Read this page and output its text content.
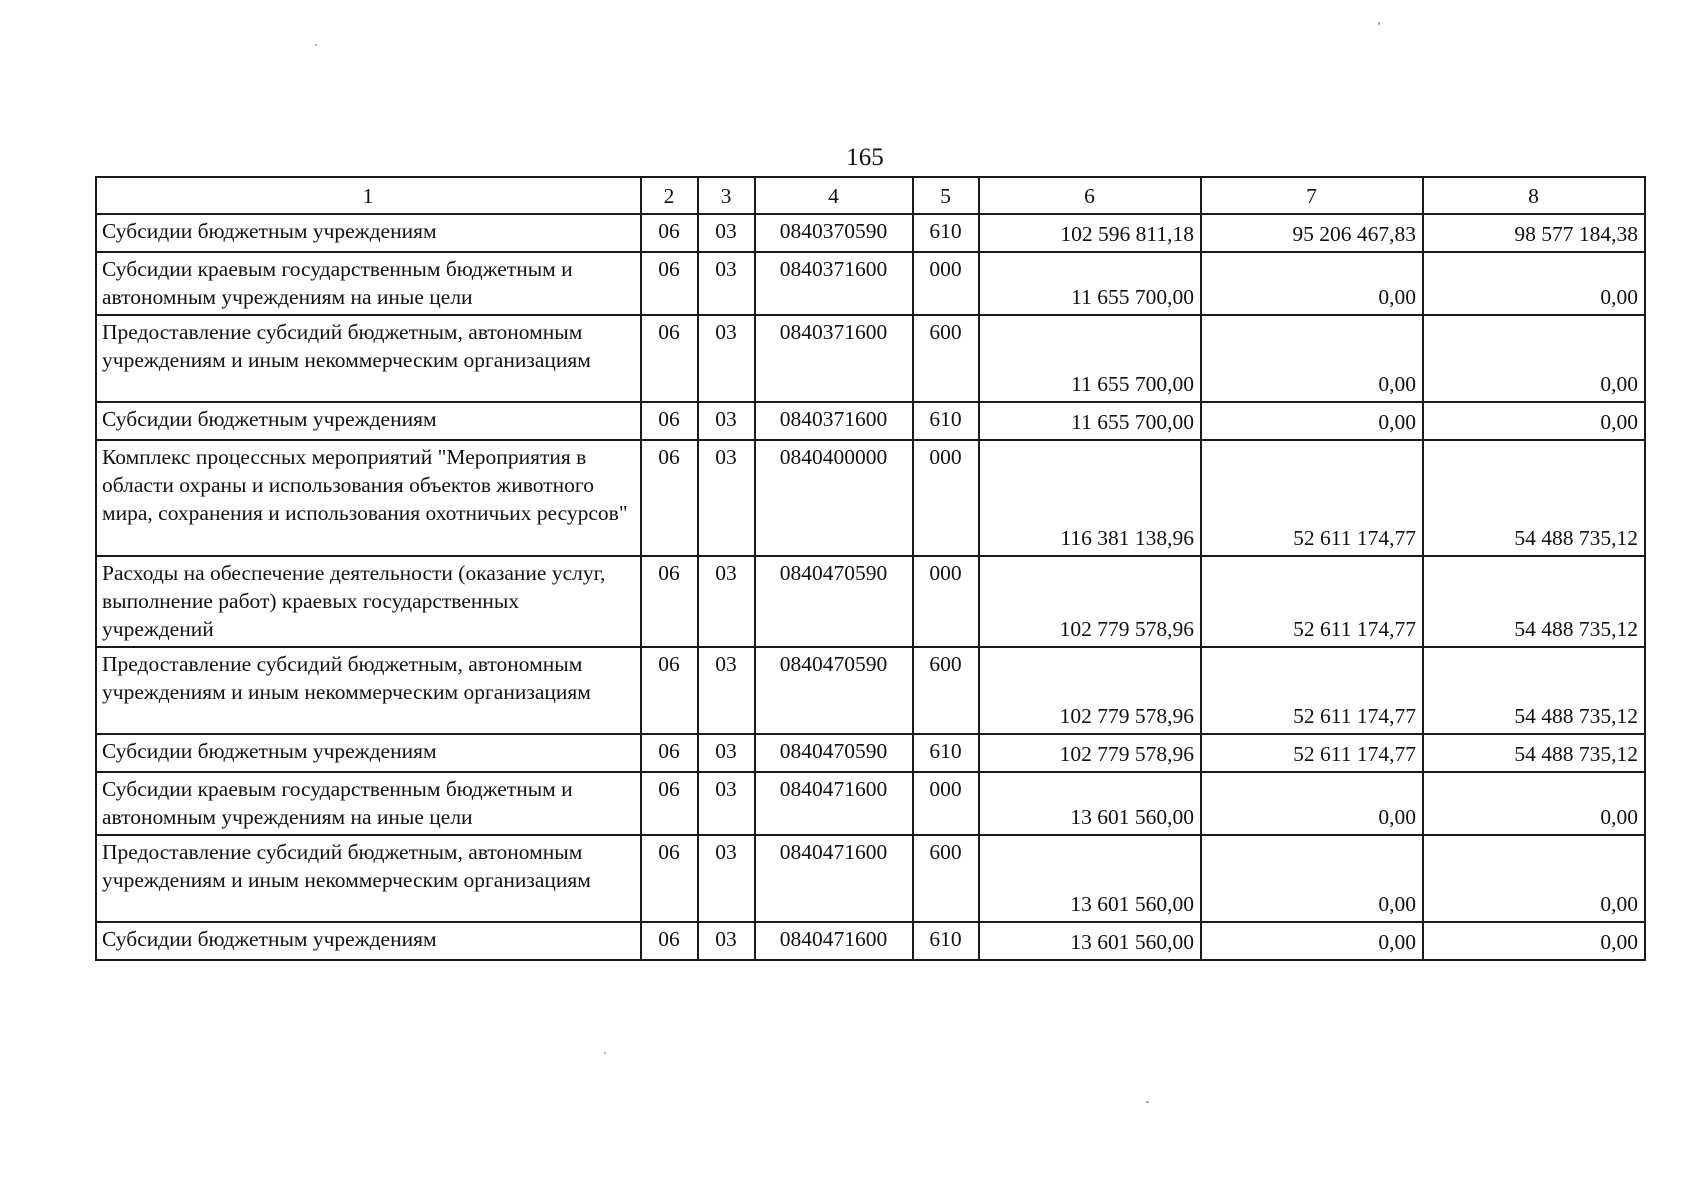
165
1	2	3	4	5	6	7	8
Субсидии бюджетным учреждениям	06	03	0840370590	610	102 596 811,18	95 206 467,83	98 577 184,38
Субсидии краевым государственным бюджетным и автономным учреждениям на иные цели	06	03	0840371600	000	11 655 700,00	0,00	0,00
Предоставление субсидий бюджетным, автономным учреждениям и иным некоммерческим организациям	06	03	0840371600	600	11 655 700,00	0,00	0,00
Субсидии бюджетным учреждениям	06	03	0840371600	610	11 655 700,00	0,00	0,00
Комплекс процессных мероприятий "Мероприятия в области охраны и использования объектов животного мира, сохранения и использования охотничьих ресурсов"	06	03	0840400000	000	116 381 138,96	52 611 174,77	54 488 735,12
Расходы на обеспечение деятельности (оказание услуг, выполнение работ) краевых государственных учреждений	06	03	0840470590	000	102 779 578,96	52 611 174,77	54 488 735,12
Предоставление субсидий бюджетным, автономным учреждениям и иным некоммерческим организациям	06	03	0840470590	600	102 779 578,96	52 611 174,77	54 488 735,12
Субсидии бюджетным учреждениям	06	03	0840470590	610	102 779 578,96	52 611 174,77	54 488 735,12
Субсидии краевым государственным бюджетным и автономным учреждениям на иные цели	06	03	0840471600	000	13 601 560,00	0,00	0,00
Предоставление субсидий бюджетным, автономным учреждениям и иным некоммерческим организациям	06	03	0840471600	600	13 601 560,00	0,00	0,00
Субсидии бюджетным учреждениям	06	03	0840471600	610	13 601 560,00	0,00	0,00
